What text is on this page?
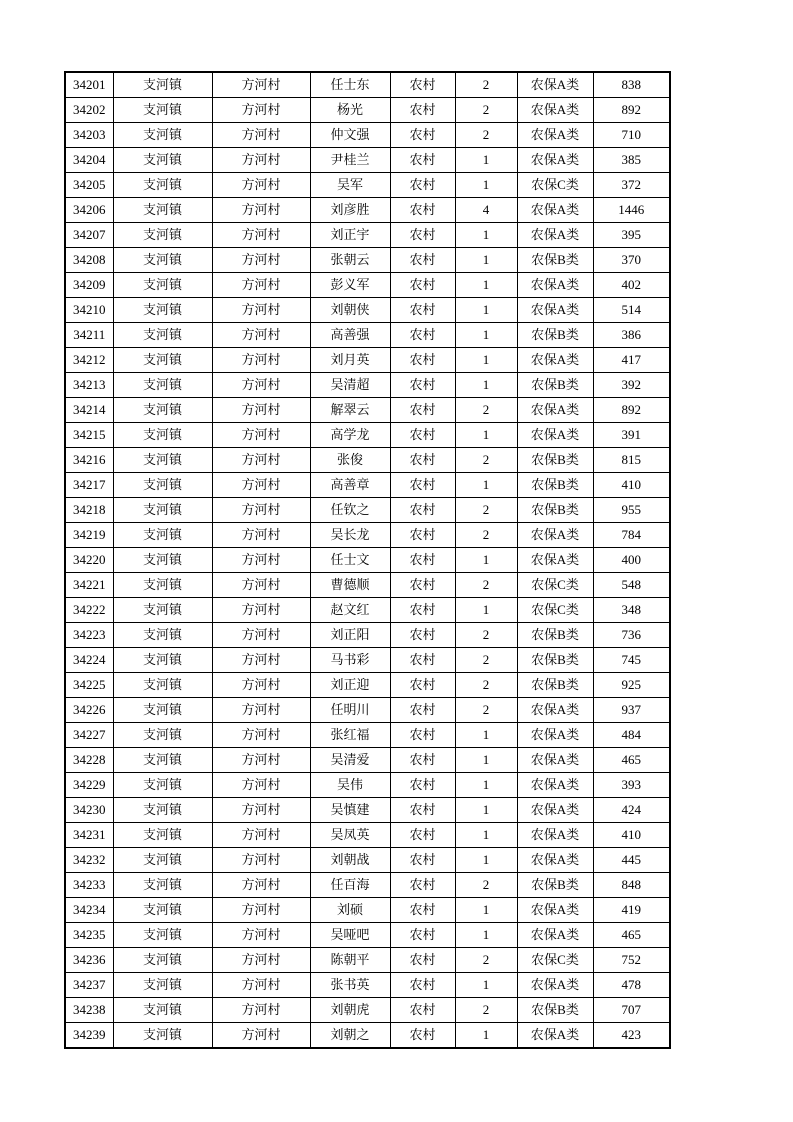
34201	支河镇	方河村	任士东	农村	2	农保A类	838
34202	支河镇	方河村	杨光	农村	2	农保A类	892
34203	支河镇	方河村	仲文强	农村	2	农保A类	710
34204	支河镇	方河村	尹桂兰	农村	1	农保A类	385
34205	支河镇	方河村	吴军	农村	1	农保C类	372
34206	支河镇	方河村	刘彦胜	农村	4	农保A类	1446
34207	支河镇	方河村	刘正宇	农村	1	农保A类	395
34208	支河镇	方河村	张朝云	农村	1	农保B类	370
34209	支河镇	方河村	彭义军	农村	1	农保A类	402
34210	支河镇	方河村	刘朝侠	农村	1	农保A类	514
34211	支河镇	方河村	高善强	农村	1	农保B类	386
34212	支河镇	方河村	刘月英	农村	1	农保A类	417
34213	支河镇	方河村	吴清超	农村	1	农保B类	392
34214	支河镇	方河村	解翠云	农村	2	农保A类	892
34215	支河镇	方河村	高学龙	农村	1	农保A类	391
34216	支河镇	方河村	张俊	农村	2	农保B类	815
34217	支河镇	方河村	高善章	农村	1	农保B类	410
34218	支河镇	方河村	任钦之	农村	2	农保B类	955
34219	支河镇	方河村	吴长龙	农村	2	农保A类	784
34220	支河镇	方河村	任士文	农村	1	农保A类	400
34221	支河镇	方河村	曹德顺	农村	2	农保C类	548
34222	支河镇	方河村	赵文红	农村	1	农保C类	348
34223	支河镇	方河村	刘正阳	农村	2	农保B类	736
34224	支河镇	方河村	马书彩	农村	2	农保B类	745
34225	支河镇	方河村	刘正迎	农村	2	农保B类	925
34226	支河镇	方河村	任明川	农村	2	农保A类	937
34227	支河镇	方河村	张红福	农村	1	农保A类	484
34228	支河镇	方河村	吴清爱	农村	1	农保A类	465
34229	支河镇	方河村	吴伟	农村	1	农保A类	393
34230	支河镇	方河村	吴慎建	农村	1	农保A类	424
34231	支河镇	方河村	吴凤英	农村	1	农保A类	410
34232	支河镇	方河村	刘朝战	农村	1	农保A类	445
34233	支河镇	方河村	任百海	农村	2	农保B类	848
34234	支河镇	方河村	刘硕	农村	1	农保A类	419
34235	支河镇	方河村	吴哑吧	农村	1	农保A类	465
34236	支河镇	方河村	陈朝平	农村	2	农保C类	752
34237	支河镇	方河村	张书英	农村	1	农保A类	478
34238	支河镇	方河村	刘朝虎	农村	2	农保B类	707
34239	支河镇	方河村	刘朝之	农村	1	农保A类	423
